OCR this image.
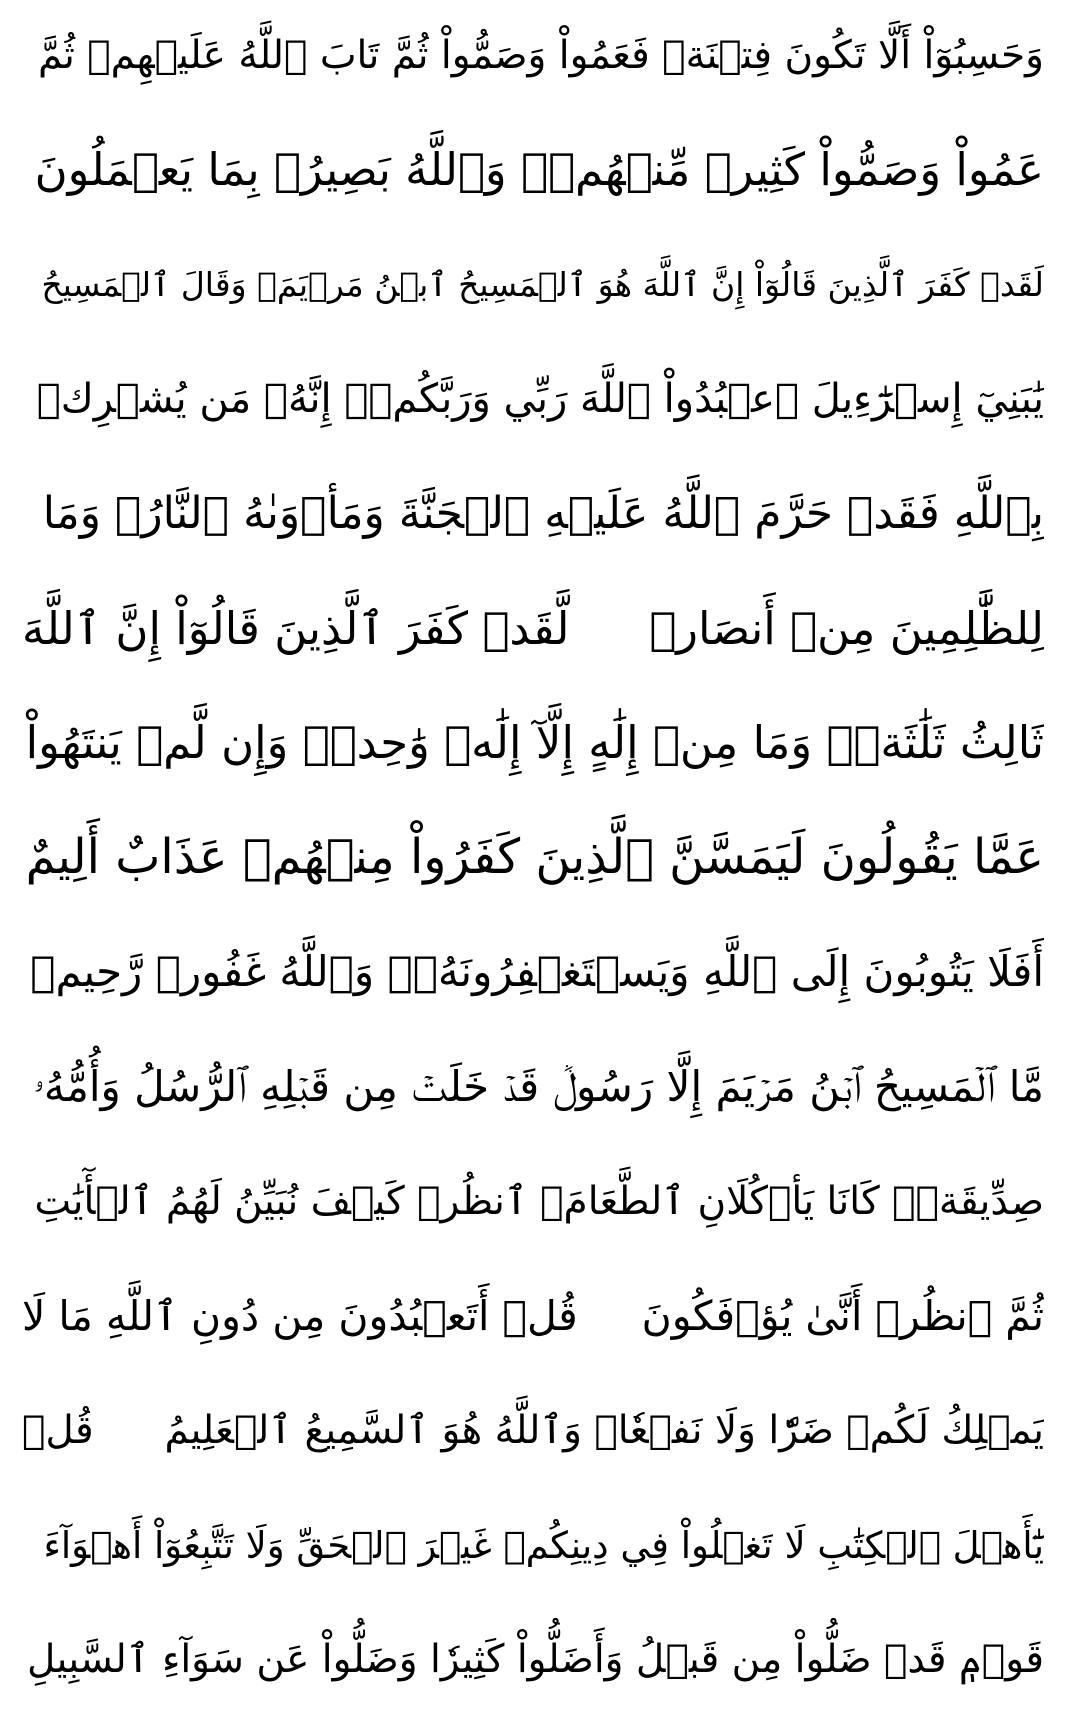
وَحَسِبُوٓاْ أَلَّا تَكُونَ فِتۡنَةٞ فَعَمُواْ وَصَمُّواْ ثُمَّ تَابَ ٱللَّهُ عَلَيۡهِمۡ ثُمَّ
عَمُواْ وَصَمُّواْ كَثِيرٞ مِّنۡهُمۡۚ وَٱللَّهُ بَصِيرُۢ بِمَا يَعۡمَلُونَ
لَقَدۡ كَفَرَ ٱلَّذِينَ قَالُوٓاْ إِنَّ ٱللَّهَ هُوَ ٱلۡمَسِيحُ ٱبۡنُ مَرۡيَمَۖ وَقَالَ ٱلۡمَسِيحُ
يَٰبَنِيٓ إِسۡرَٰٓءِيلَ ٱعۡبُدُواْ ٱللَّهَ رَبِّي وَرَبَّكُمۡۖ إِنَّهُۥ مَن يُشۡرِكۡ
بِٱللَّهِ فَقَدۡ حَرَّمَ ٱللَّهُ عَلَيۡهِ ٱلۡجَنَّةَ وَمَأۡوَىٰهُ ٱلنَّارُۖ وَمَا
لِلظَّٰلِمِينَ مِنۡ أَنصَارٖ
لَّقَدۡ كَفَرَ ٱلَّذِينَ قَالُوٓاْ إِنَّ ٱللَّهَ
ثَالِثُ ثَلَٰثَةٖۘ وَمَا مِنۡ إِلَٰهٍ إِلَّآ إِلَٰهٞ وَٰحِدٞۚ وَإِن لَّمۡ يَنتَهُواْ
عَمَّا يَقُولُونَ لَيَمَسَّنَّ ٱلَّذِينَ كَفَرُواْ مِنۡهُمۡ عَذَابٌ أَلِيمٌ
أَفَلَا يَتُوبُونَ إِلَى ٱللَّهِ وَيَسۡتَغۡفِرُونَهُۥۚ وَٱللَّهُ غَفُورٞ رَّحِيمٞ
مَّا ٱلۡمَسِيحُ ٱبۡنُ مَرۡيَمَ إِلَّا رَسُولٞ قَدۡ خَلَتۡ مِن قَبۡلِهِ ٱلرُّسُلُ وَأُمُّهُۥ
صِدِّيقَةٞۖ كَانَا يَأۡكُلَانِ ٱلطَّعَامَۗ ٱنظُرۡ كَيۡفَ نُبَيِّنُ لَهُمُ ٱلۡأٓيَٰتِ
ثُمَّ ٱنظُرۡ أَنَّىٰ يُؤۡفَكُونَ
قُلۡ أَتَعۡبُدُونَ مِن دُونِ ٱللَّهِ مَا لَا
يَمۡلِكُ لَكُمۡ ضَرّٗا وَلَا نَفۡعٗاۚ وَٱللَّهُ هُوَ ٱلسَّمِيعُ ٱلۡعَلِيمُ
قُلۡ
يَٰٓأَهۡلَ ٱلۡكِتَٰبِ لَا تَغۡلُواْ فِي دِينِكُمۡ غَيۡرَ ٱلۡحَقِّ وَلَا تَتَّبِعُوٓاْ أَهۡوَآءَ
قَوۡمٖ قَدۡ ضَلُّواْ مِن قَبۡلُ وَأَضَلُّواْ كَثِيرٗا وَضَلُّواْ عَن سَوَآءِ ٱلسَّبِيلِ
